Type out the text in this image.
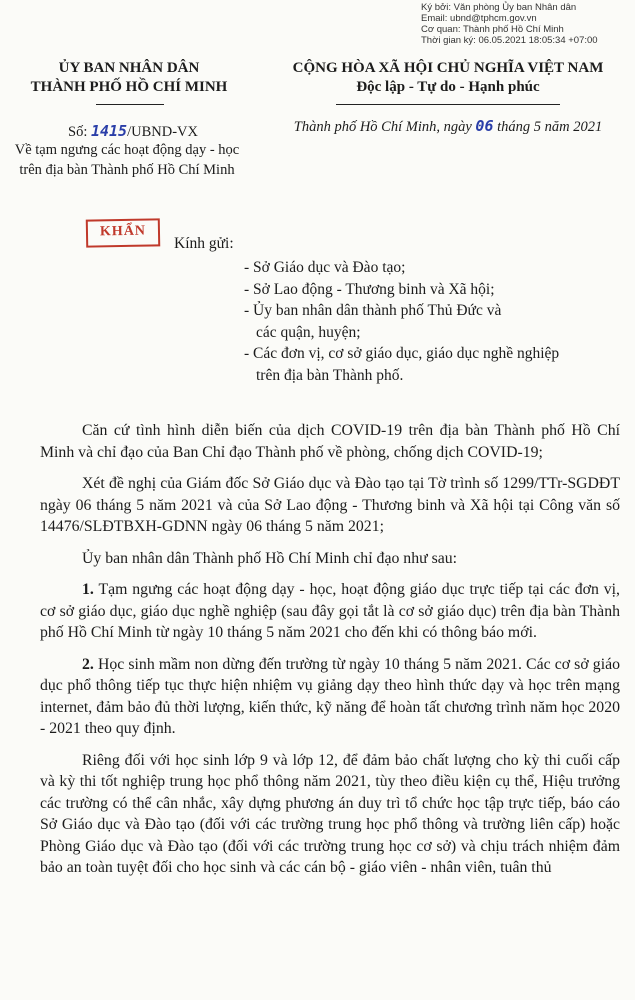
Ký bởi: Văn phòng Ủy ban Nhân dân
Email: ubnd@tphcm.gov.vn
Cơ quan: Thành phố Hồ Chí Minh
Thời gian ký: 06.05.2021 18:05:34 +07:00
ỦY BAN NHÂN DÂN
THÀNH PHỐ HỒ CHÍ MINH
CỘNG HÒA XÃ HỘI CHỦ NGHĨA VIỆT NAM
Độc lập - Tự do - Hạnh phúc
Số: 1415/UBND-VX
Về tạm ngưng các hoạt động dạy - học trên địa bàn Thành phố Hồ Chí Minh
Thành phố Hồ Chí Minh, ngày 06 tháng 5 năm 2021
KHẨN
Kính gửi:
- Sở Giáo dục và Đào tạo;
- Sở Lao động - Thương binh và Xã hội;
- Ủy ban nhân dân thành phố Thủ Đức và
các quận, huyện;
- Các đơn vị, cơ sở giáo dục, giáo dục nghề nghiệp
trên địa bàn Thành phố.

Căn cứ tình hình diễn biến của dịch COVID-19 trên địa bàn Thành phố Hồ Chí Minh và chỉ đạo của Ban Chỉ đạo Thành phố về phòng, chống dịch COVID-19;

Xét đề nghị của Giám đốc Sở Giáo dục và Đào tạo tại Tờ trình số 1299/TTr-SGDĐT ngày 06 tháng 5 năm 2021 và của Sở Lao động - Thương binh và Xã hội tại Công văn số 14476/SLĐTBXH-GDNN ngày 06 tháng 5 năm 2021;

Ủy ban nhân dân Thành phố Hồ Chí Minh chỉ đạo như sau:

1. Tạm ngưng các hoạt động dạy - học, hoạt động giáo dục trực tiếp tại các đơn vị, cơ sở giáo dục, giáo dục nghề nghiệp (sau đây gọi tắt là cơ sở giáo dục) trên địa bàn Thành phố Hồ Chí Minh từ ngày 10 tháng 5 năm 2021 cho đến khi có thông báo mới.

2. Học sinh mầm non dừng đến trường từ ngày 10 tháng 5 năm 2021. Các cơ sở giáo dục phổ thông tiếp tục thực hiện nhiệm vụ giảng dạy theo hình thức dạy và học trên mạng internet, đảm bảo đủ thời lượng, kiến thức, kỹ năng để hoàn tất chương trình năm học 2020 - 2021 theo quy định.

Riêng đối với học sinh lớp 9 và lớp 12, để đảm bảo chất lượng cho kỳ thi cuối cấp và kỳ thi tốt nghiệp trung học phổ thông năm 2021, tùy theo điều kiện cụ thể, Hiệu trưởng các trường có thể cân nhắc, xây dựng phương án duy trì tổ chức học tập trực tiếp, báo cáo Sở Giáo dục và Đào tạo (đối với các trường trung học phổ thông và trường liên cấp) hoặc Phòng Giáo dục và Đào tạo (đối với các trường trung học cơ sở) và chịu trách nhiệm đảm bảo an toàn tuyệt đối cho học sinh và các cán bộ - giáo viên - nhân viên, tuân thủ
